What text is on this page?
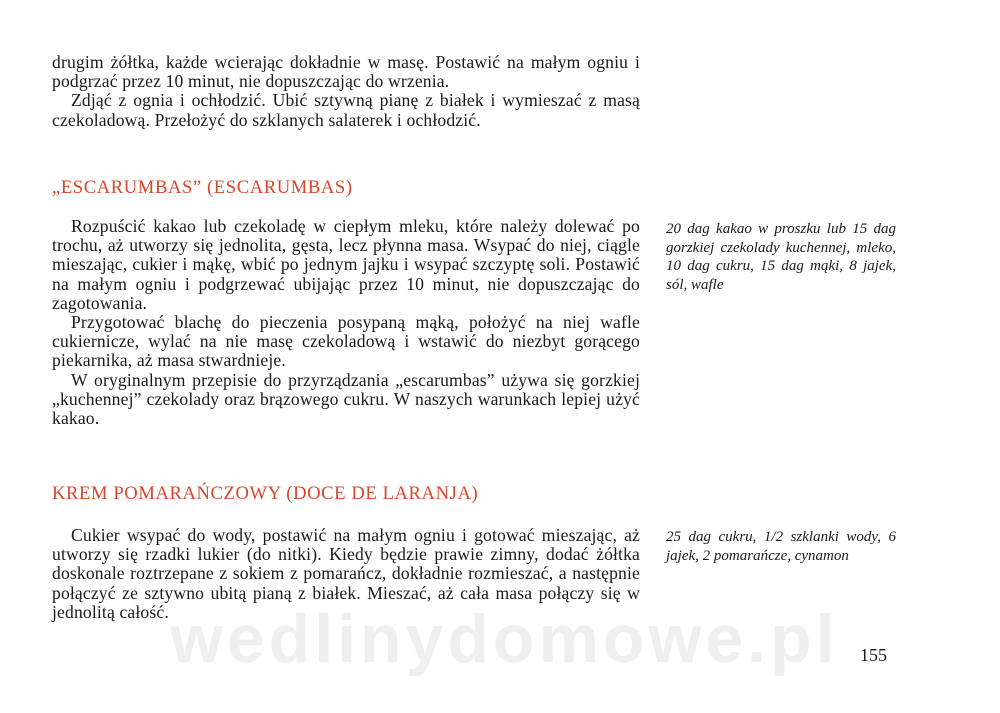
drugim żółtka, każde wcierając dokładnie w masę. Postawić na małym ogniu i podgrzać przez 10 minut, nie dopuszczając do wrzenia.

Zdjąć z ognia i ochłodzić. Ubić sztywną pianę z białek i wymieszać z masą czekoladową. Przełożyć do szklanych salaterek i ochłodzić.

„ESCARUMBAS” (ESCARUMBAS)

Rozpuścić kakao lub czekoladę w ciepłym mleku, które należy dolewać po trochu, aż utworzy się jednolita, gęsta, lecz płynna masa. Wsypać do niej, ciągle mieszając, cukier i mąkę, wbić po jednym jajku i wsypać szczyptę soli. Postawić na małym ogniu i podgrzewać ubijając przez 10 minut, nie dopuszczając do zagotowania.

Przygotować blachę do pieczenia posypaną mąką, położyć na niej wafle cukiernicze, wylać na nie masę czekoladową i wstawić do niezbyt gorącego piekarnika, aż masa stwardnieje.

W oryginalnym przepisie do przyrządzania „escarumbas” używa się gorzkiej „kuchennej” czekolady oraz brązowego cukru. W naszych warunkach lepiej użyć kakao.

20 dag kakao w proszku lub 15 dag gorzkiej czekolady kuchennej, mleko, 10 dag cukru, 15 dag mąki, 8 jajek, sól, wafle

KREM POMARAŃCZOWY (DOCE DE LARANJA)

Cukier wsypać do wody, postawić na małym ogniu i gotować mieszając, aż utworzy się rzadki lukier (do nitki). Kiedy będzie prawie zimny, dodać żółtka doskonale roztrzepane z sokiem z pomarańcz, dokładnie rozmieszać, a następnie połączyć ze sztywno ubitą pianą z białek. Mieszać, aż cała masa połączy się w jednolitą całość.

25 dag cukru, 1/2 szklanki wody, 6 jajek, 2 pomarańcze, cynamon

wedlinydomowe.pl 155
